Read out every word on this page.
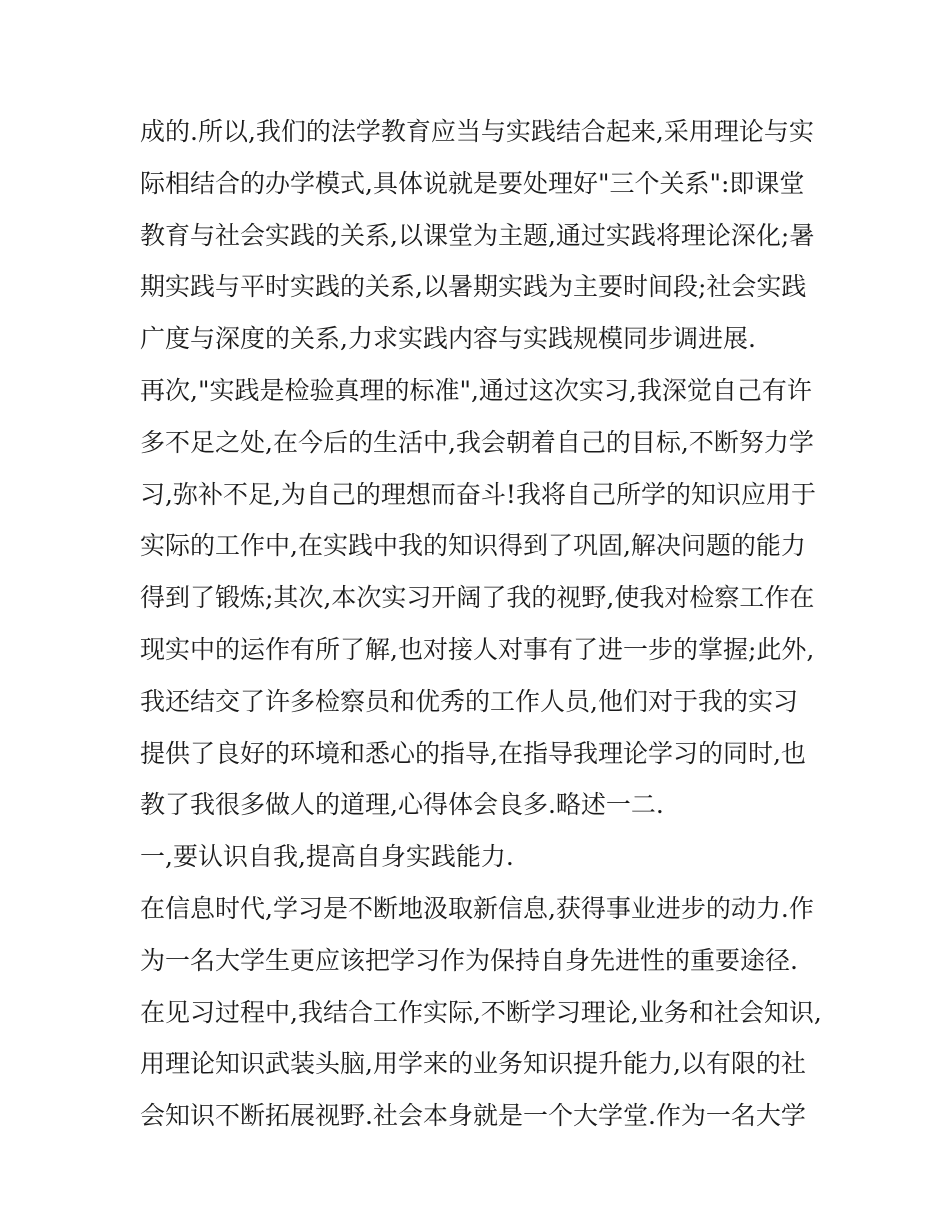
成的.所以,我们的法学教育应当与实践结合起来,采用理论与实
际相结合的办学模式,具体说就是要处理好"三个关系":即课堂
教育与社会实践的关系,以课堂为主题,通过实践将理论深化;暑
期实践与平时实践的关系,以暑期实践为主要时间段;社会实践
广度与深度的关系,力求实践内容与实践规模同步调进展.
再次,"实践是检验真理的标准",通过这次实习,我深觉自己有许
多不足之处,在今后的生活中,我会朝着自己的目标,不断努力学
习,弥补不足,为自己的理想而奋斗!我将自己所学的知识应用于
实际的工作中,在实践中我的知识得到了巩固,解决问题的能力
得到了锻炼;其次,本次实习开阔了我的视野,使我对检察工作在
现实中的运作有所了解,也对接人对事有了进一步的掌握;此外,
我还结交了许多检察员和优秀的工作人员,他们对于我的实习
提供了良好的环境和悉心的指导,在指导我理论学习的同时,也
教了我很多做人的道理,心得体会良多.略述一二.
一,要认识自我,提高自身实践能力.
在信息时代,学习是不断地汲取新信息,获得事业进步的动力.作
为一名大学生更应该把学习作为保持自身先进性的重要途径.
在见习过程中,我结合工作实际,不断学习理论,业务和社会知识,
用理论知识武装头脑,用学来的业务知识提升能力,以有限的社
会知识不断拓展视野.社会本身就是一个大学堂.作为一名大学
